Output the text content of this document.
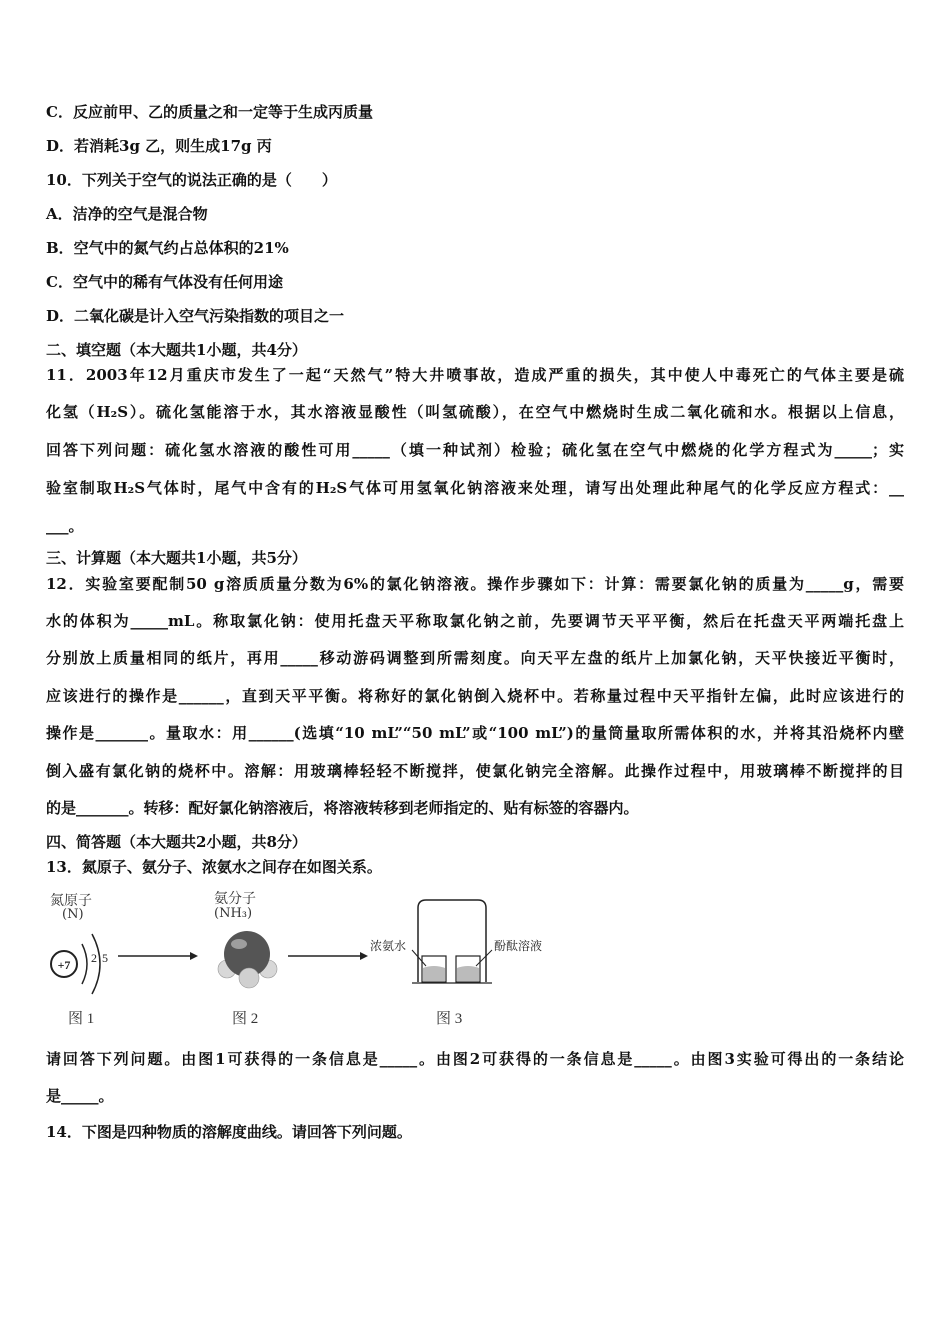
C．反应前甲、乙的质量之和一定等于生成丙质量

D．若消耗3g 乙，则生成17g 丙

10．下列关于空气的说法正确的是（　　）

A．洁净的空气是混合物

B．空气中的氮气约占总体积的21%

C．空气中的稀有气体没有任何用途

D．二氧化碳是计入空气污染指数的项目之一

二、填空题（本大题共1小题，共4分）

11．2003年12月重庆市发生了一起“天然气”特大井喷事故，造成严重的损失，其中使人中毒死亡的气体主要是硫

化氢（H₂S）。硫化氢能溶于水，其水溶液显酸性（叫氢硫酸），在空气中燃烧时生成二氧化硫和水。根据以上信息，

回答下列问题：硫化氢水溶液的酸性可用_____（填一种试剂）检验；硫化氢在空气中燃烧的化学方程式为_____；实

验室制取H₂S气体时，尾气中含有的H₂S气体可用氢氧化钠溶液来处理，请写出处理此种尾气的化学反应方程式：__

___。

三、计算题（本大题共1小题，共5分）

12．实验室要配制50 g溶质质量分数为6%的氯化钠溶液。操作步骤如下：计算：需要氯化钠的质量为_____g，需要

水的体积为_____mL。称取氯化钠：使用托盘天平称取氯化钠之前，先要调节天平平衡，然后在托盘天平两端托盘上

分别放上质量相同的纸片，再用_____移动游码调整到所需刻度。向天平左盘的纸片上加氯化钠，天平快接近平衡时，

应该进行的操作是______，直到天平平衡。将称好的氯化钠倒入烧杯中。若称量过程中天平指针左偏，此时应该进行的

操作是_______。量取水：用______(选填“10 mL”“50 mL”或“100 mL”)的量筒量取所需体积的水，并将其沿烧杯内壁

倒入盛有氯化钠的烧杯中。溶解：用玻璃棒轻轻不断搅拌，使氯化钠完全溶解。此操作过程中，用玻璃棒不断搅拌的目

的是_______。转移：配好氯化钠溶液后，将溶液转移到老师指定的、贴有标签的容器内。

四、简答题（本大题共2小题，共8分）

13．氮原子、氨分子、浓氨水之间存在如图关系。

氮原子
(N)
氨分子
(NH₃)
+7 2 5
浓氨水	酚酞溶液
图 1	图 2	图 3

请回答下列问题。由图1可获得的一条信息是_____。由图2可获得的一条信息是_____。由图3实验可得出的一条结论

是_____。

14．下图是四种物质的溶解度曲线。请回答下列问题。
